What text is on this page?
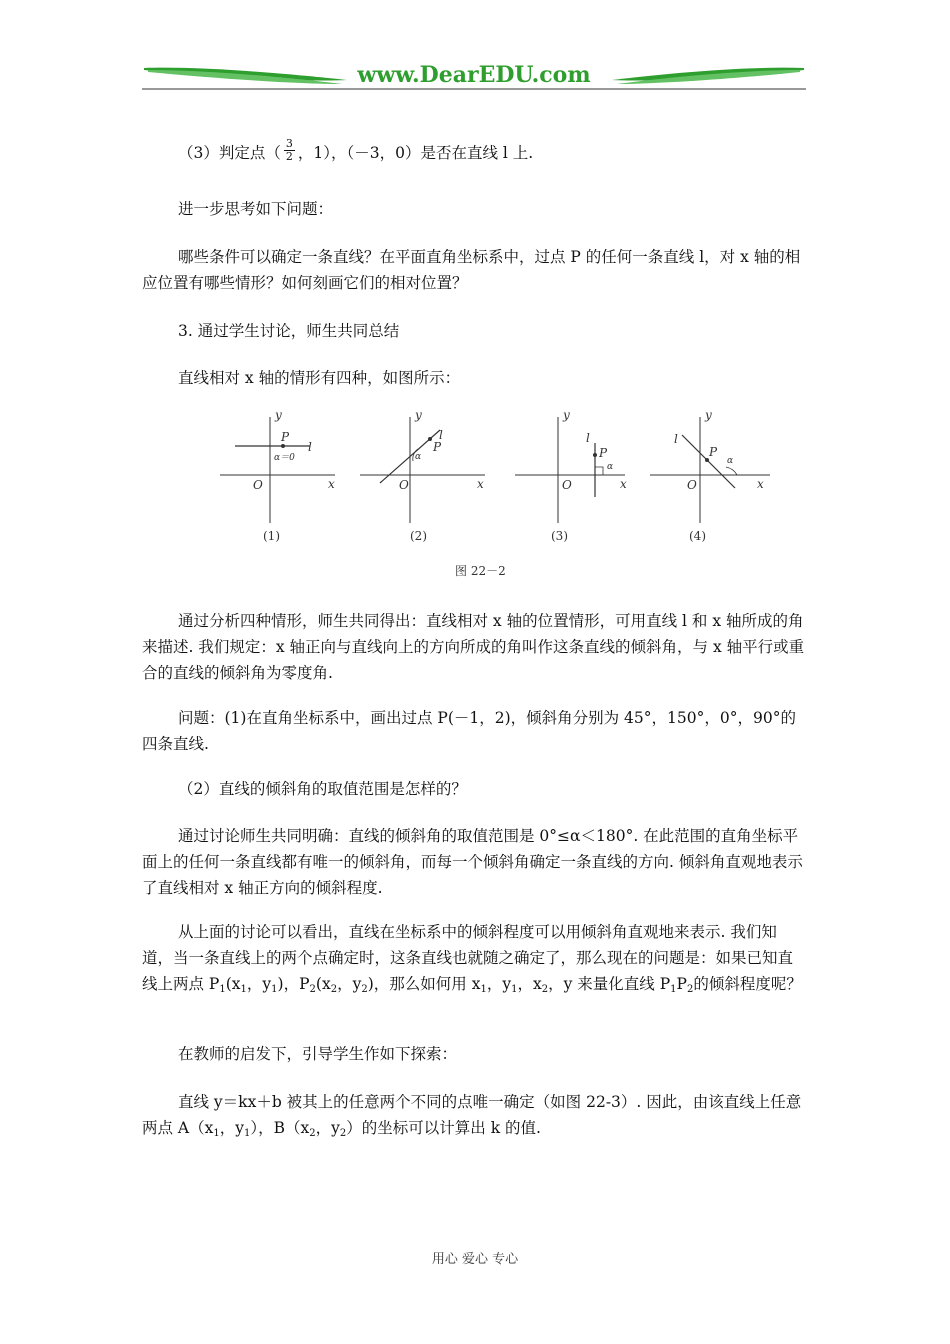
www.DearEDU.com

（3）判定点（ $\frac{3}{2}$ ，1），（－3，0）是否在直线 l 上.

进一步思考如下问题：

哪些条件可以确定一条直线？在平面直角坐标系中，过点 P 的任何一条直线 l，对 x 轴的相应位置有哪些情形？如何刻画它们的相对位置？

3. 通过学生讨论，师生共同总结

直线相对 x 轴的情形有四种，如图所示：

y
x
O
P
l
α＝0
(1)
y
x
O
P
l
α
(2)
y
x
O
P
l
α
(3)
y
x
O
P
l
α
(4)
图 22－2

通过分析四种情形，师生共同得出：直线相对 x 轴的位置情形，可用直线 l 和 x 轴所成的角来描述. 我们规定：x 轴正向与直线向上的方向所成的角叫作这条直线的倾斜角，与 x 轴平行或重合的直线的倾斜角为零度角.

问题：(1)在直角坐标系中，画出过点 P(－1，2)，倾斜角分别为 45°，150°，0°，90°的四条直线.

（2）直线的倾斜角的取值范围是怎样的？

通过讨论师生共同明确：直线的倾斜角的取值范围是 0°≤α＜180°. 在此范围的直角坐标平面上的任何一条直线都有唯一的倾斜角，而每一个倾斜角确定一条直线的方向. 倾斜角直观地表示了直线相对 x 轴正方向的倾斜程度.

从上面的讨论可以看出，直线在坐标系中的倾斜程度可以用倾斜角直观地来表示. 我们知道，当一条直线上的两个点确定时，这条直线也就随之确定了，那么现在的问题是：如果已知直线上两点 $P_1(x_1$，$y_1$)，$P_2(x_2$，$y_2$)，那么如何用 $x_1$，$y_1$，$x_2$，y 来量化直线 $P_1P_2$的倾斜程度呢？

在教师的启发下，引导学生作如下探索：

直线 y＝kx＋b 被其上的任意两个不同的点唯一确定（如图 22-3）. 因此，由该直线上任意两点 $A(x_1$，$y_1$），$B(x_2$，$y_2$）的坐标可以计算出 k 的值.

用心 爱心 专心
